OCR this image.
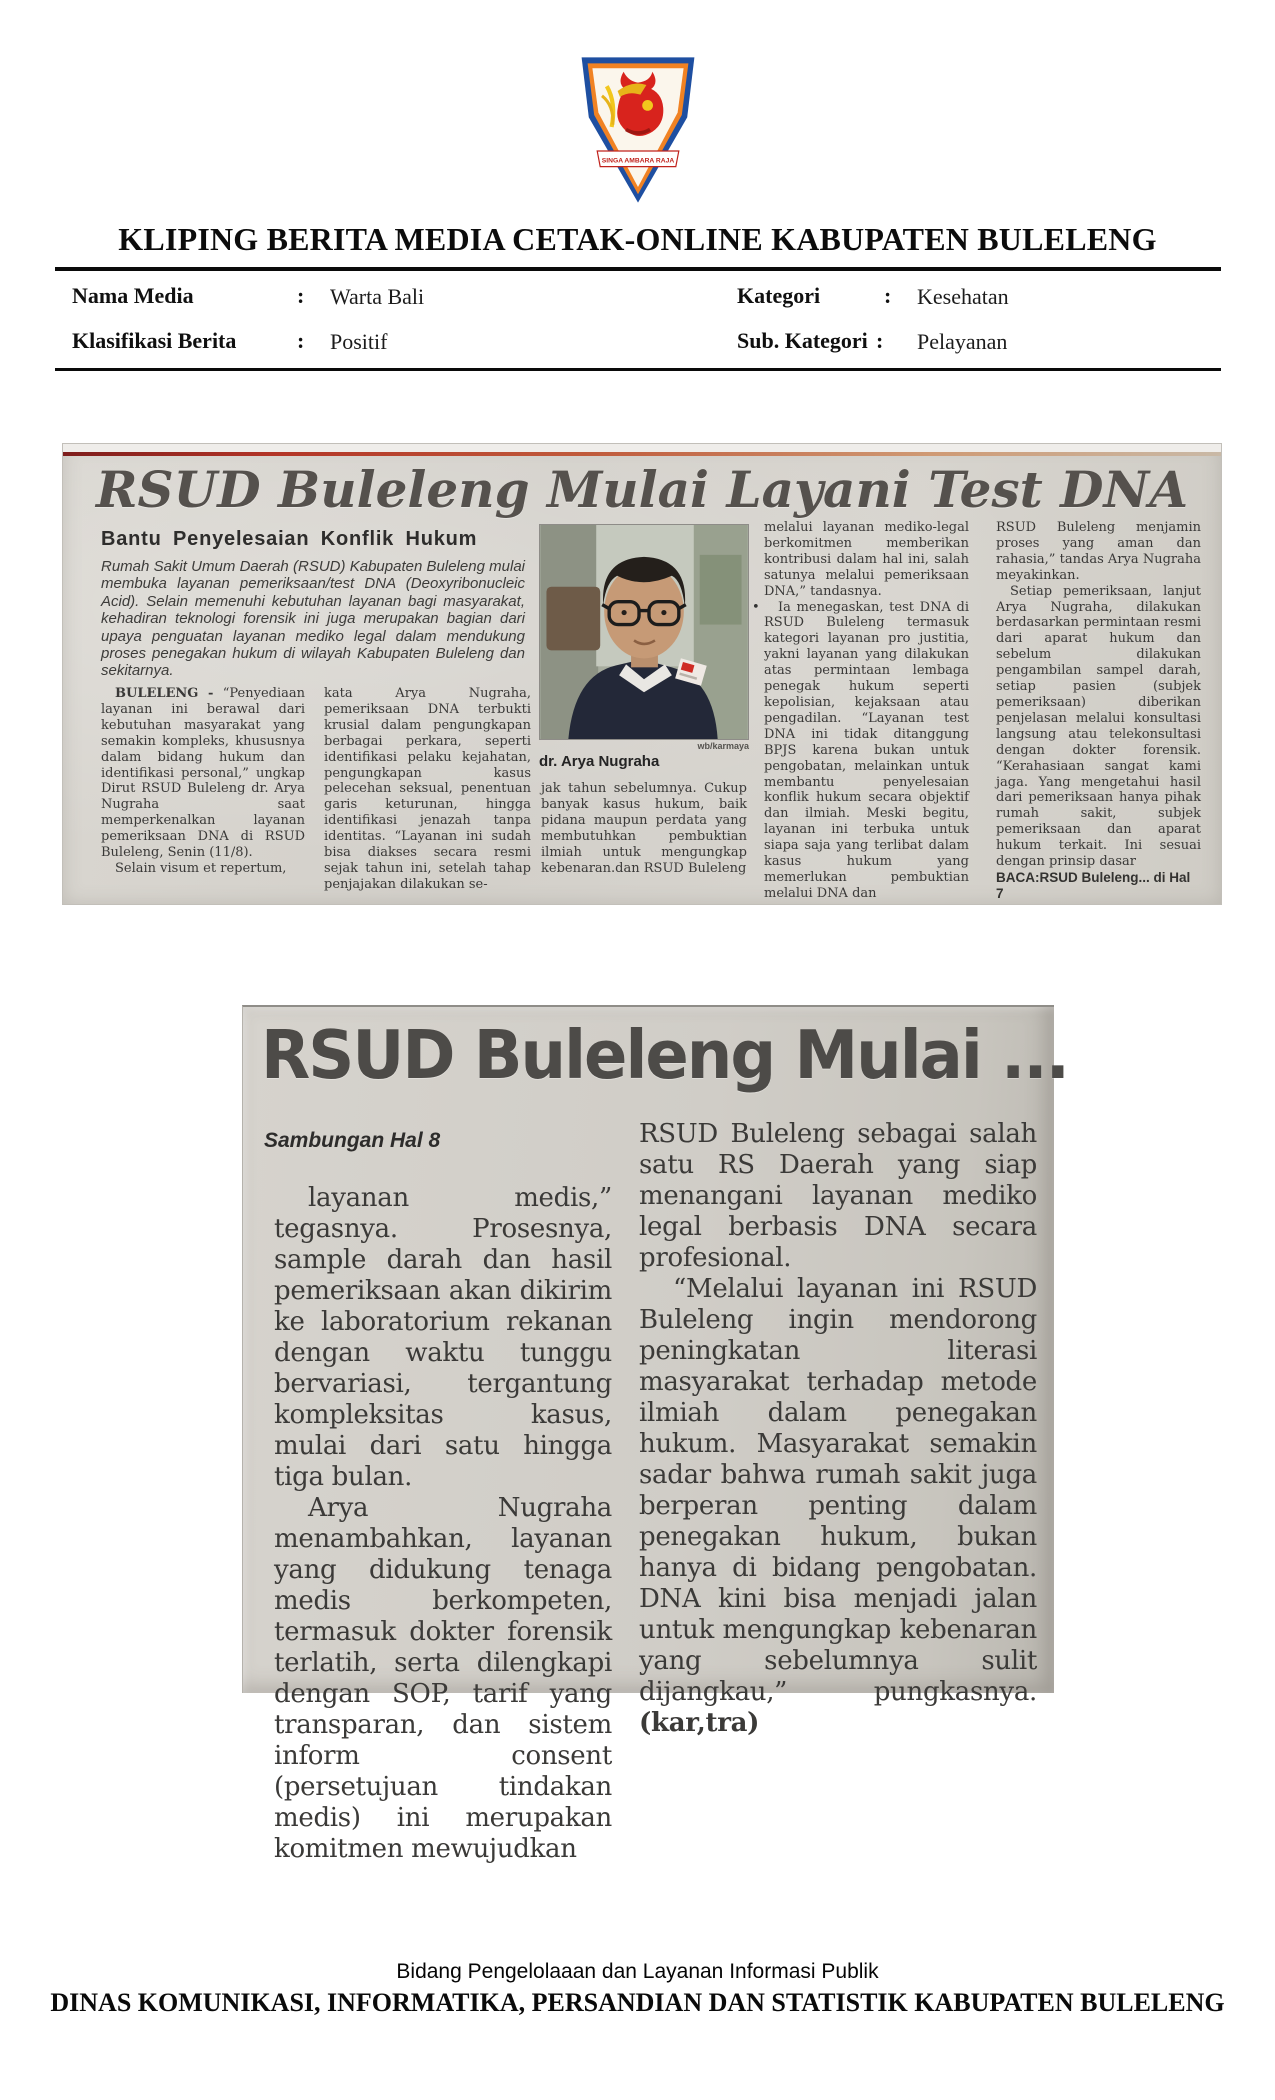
SINGA AMBARA RAJA
KLIPING BERITA MEDIA CETAK-ONLINE KABUPATEN BULELENG
Nama Media	: Warta Bali	Kategori	: Kesehatan
Klasifikasi Berita	: Positif	Sub. Kategori : Pelayanan
RSUD Buleleng Mulai Layani Test DNA
Bantu Penyelesaian Konflik Hukum
Rumah Sakit Umum Daerah (RSUD) Kabupaten Buleleng mulai membuka layanan pemeriksaan/test DNA (Deoxyribonucleic Acid). Selain memenuhi kebutuhan layanan bagi masyarakat, kehadiran teknologi forensik ini juga merupakan bagian dari upaya penguatan layanan mediko legal dalam mendukung proses penegakan hukum di wilayah Kabupaten Buleleng dan sekitarnya.

BULELENG - “Penyediaan layanan ini berawal dari kebutuhan masyarakat yang semakin kompleks, khususnya dalam bidang hukum dan identifikasi personal,” ungkap Dirut RSUD Buleleng dr. Arya Nugraha saat memperkenalkan layanan pemeriksaan DNA di RSUD Buleleng, Senin (11/8).

Selain visum et repertum,

kata Arya Nugraha, pemeriksaan DNA terbukti krusial dalam pengungkapan berbagai perkara, seperti identifikasi pelaku kejahatan, pengungkapan kasus pelecehan seksual, penentuan garis keturunan, hingga identifikasi jenazah tanpa identitas. “Layanan ini sudah bisa diakses secara resmi sejak tahun ini, setelah tahap penjajakan dilakukan se-

wb/karmaya
dr. Arya Nugraha

jak tahun sebelumnya. Cukup banyak kasus hukum, baik pidana maupun perdata yang membutuhkan pembuktian ilmiah untuk mengungkap kebenaran.dan RSUD Buleleng

melalui layanan mediko-legal berkomitmen memberikan kontribusi dalam hal ini, salah satunya melalui pemeriksaan DNA,” tandasnya.

• Ia menegaskan, test DNA di RSUD Buleleng termasuk kategori layanan pro justitia, yakni layanan yang dilakukan atas permintaan lembaga penegak hukum seperti kepolisian, kejaksaan atau pengadilan. “Layanan test DNA ini tidak ditanggung BPJS karena bukan untuk pengobatan, melainkan untuk membantu penyelesaian konflik hukum secara objektif dan ilmiah. Meski begitu, layanan ini terbuka untuk siapa saja yang terlibat dalam kasus hukum yang memerlukan pembuktian melalui DNA dan

RSUD Buleleng menjamin proses yang aman dan rahasia,” tandas Arya Nugraha meyakinkan.

Setiap pemeriksaan, lanjut Arya Nugraha, dilakukan berdasarkan permintaan resmi dari aparat hukum dan sebelum dilakukan pengambilan sampel darah, setiap pasien (subjek pemeriksaan) diberikan penjelasan melalui konsultasi langsung atau telekonsultasi dengan dokter forensik. “Kerahasiaan sangat kami jaga. Yang mengetahui hasil dari pemeriksaan hanya pihak rumah sakit, subjek pemeriksaan dan aparat hukum terkait. Ini sesuai dengan prinsip dasar

BACA:RSUD Buleleng... di Hal 7

RSUD Buleleng Mulai ...
Sambungan Hal 8

layanan medis,” tegasnya. Prosesnya, sample darah dan hasil pemeriksaan akan dikirim ke laboratorium rekanan dengan waktu tunggu bervariasi, tergantung kompleksitas kasus, mulai dari satu hingga tiga bulan.

Arya Nugraha menambahkan, layanan yang didukung tenaga medis berkompeten, termasuk dokter forensik terlatih, serta dilengkapi dengan SOP, tarif yang transparan, dan sistem inform consent (persetujuan tindakan medis) ini merupakan komitmen mewujudkan

RSUD Buleleng sebagai salah satu RS Daerah yang siap menangani layanan mediko legal berbasis DNA secara profesional.

“Melalui layanan ini RSUD Buleleng ingin mendorong peningkatan literasi masyarakat terhadap metode ilmiah dalam penegakan hukum. Masyarakat semakin sadar bahwa rumah sakit juga berperan penting dalam penegakan hukum, bukan hanya di bidang pengobatan. DNA kini bisa menjadi jalan untuk mengungkap kebenaran yang sebelumnya sulit dijangkau,” pungkasnya. (kar,tra)

Bidang Pengelolaaan dan Layanan Informasi Publik
DINAS KOMUNIKASI, INFORMATIKA, PERSANDIAN DAN STATISTIK KABUPATEN BULELENG
